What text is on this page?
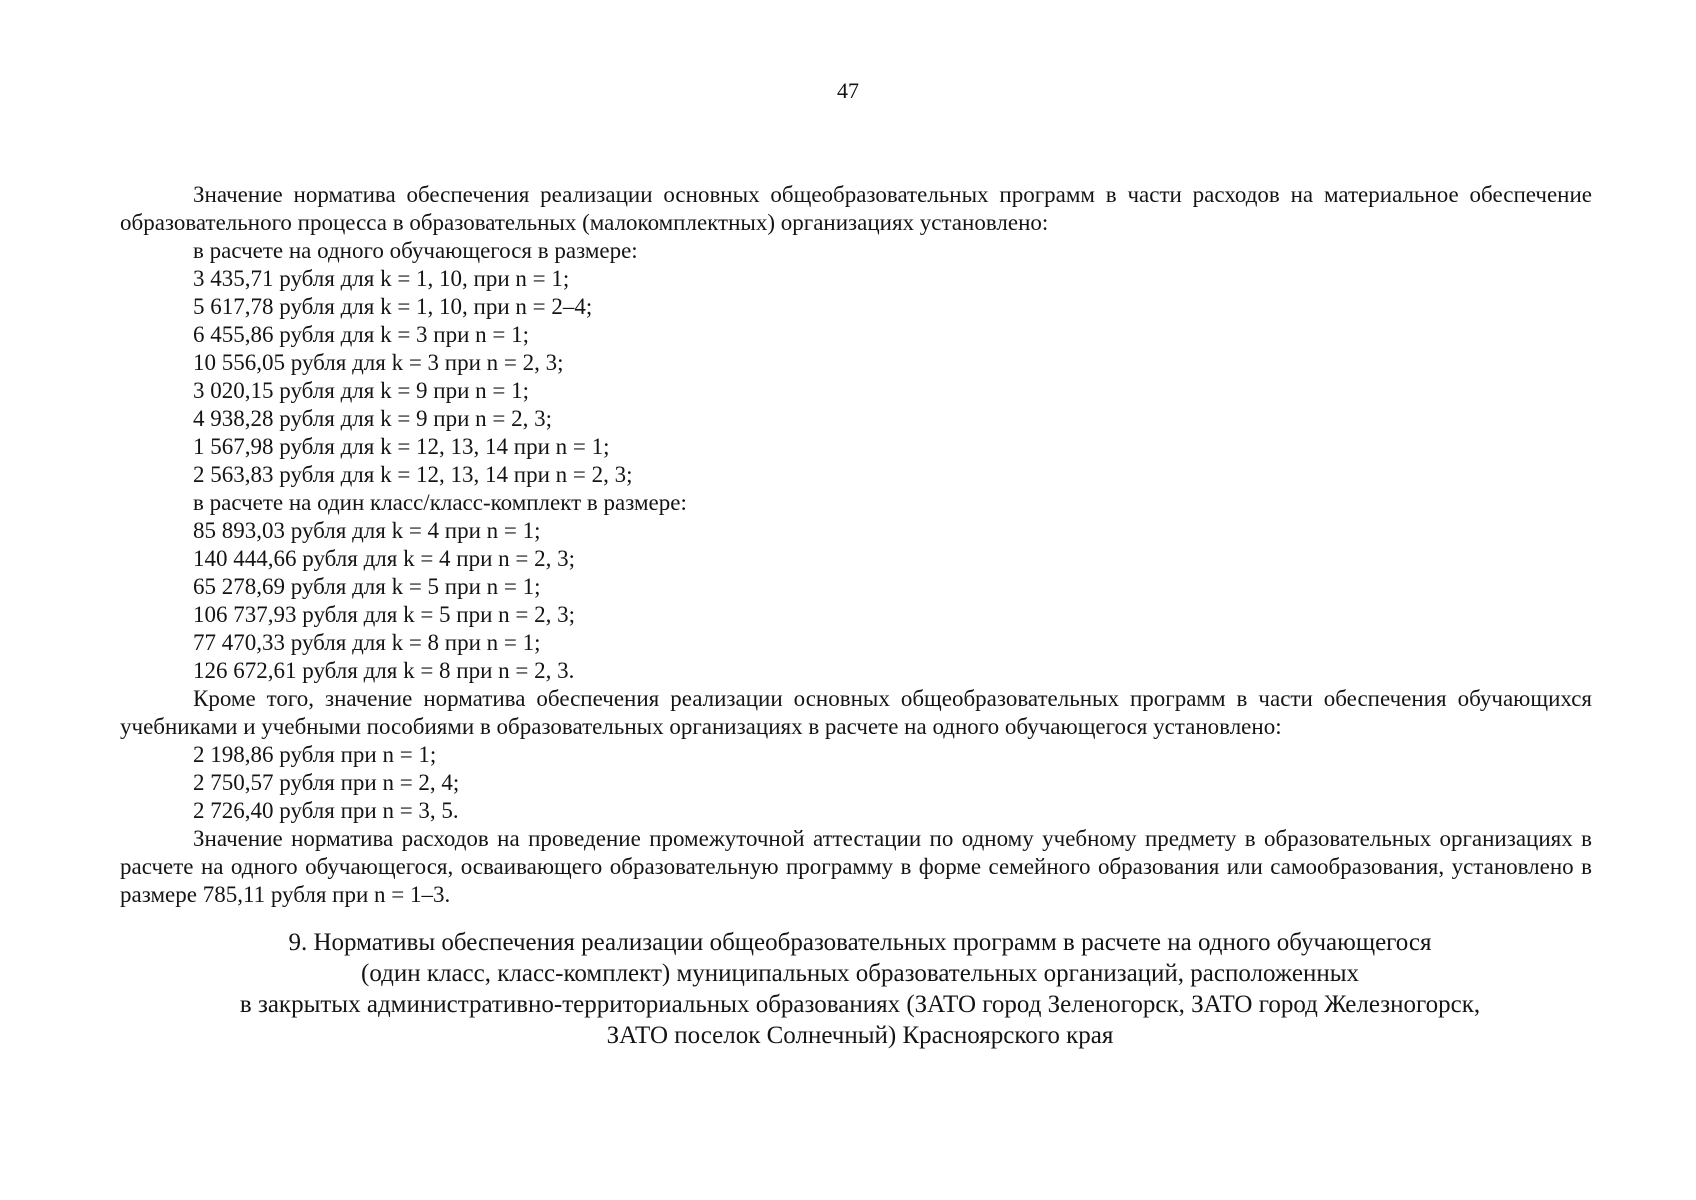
47

Значение норматива обеспечения реализации основных общеобразовательных программ в части расходов на материальное обеспечение образовательного процесса в образовательных (малокомплектных) организациях установлено:

в расчете на одного обучающегося в размере:
3 435,71 рубля для k = 1, 10, при n = 1;
5 617,78 рубля для k = 1, 10, при n = 2–4;
6 455,86 рубля для k = 3 при n = 1;
10 556,05 рубля для k = 3 при n = 2, 3;
3 020,15 рубля для k = 9 при n = 1;
4 938,28 рубля для k = 9 при n = 2, 3;
1 567,98 рубля для k = 12, 13, 14 при n = 1;
2 563,83 рубля для k = 12, 13, 14 при n = 2, 3;
в расчете на один класс/класс-комплект в размере:
85 893,03 рубля для k = 4 при n = 1;
140 444,66 рубля для k = 4 при n = 2, 3;
65 278,69 рубля для k = 5 при n = 1;
106 737,93 рубля для k = 5 при n = 2, 3;
77 470,33 рубля для k = 8 при n = 1;
126 672,61 рубля для k = 8 при n = 2, 3.

Кроме того, значение норматива обеспечения реализации основных общеобразовательных программ в части обеспечения обучающихся учебниками и учебными пособиями в образовательных организациях в расчете на одного обучающегося установлено:

2 198,86 рубля при n = 1;
2 750,57 рубля при n = 2, 4;
2 726,40 рубля при n = 3, 5.

Значение норматива расходов на проведение промежуточной аттестации по одному учебному предмету в образовательных организациях в расчете на одного обучающегося, осваивающего образовательную программу в форме семейного образования или самообразования, установлено в размере 785,11 рубля при n = 1–3.

9. Нормативы обеспечения реализации общеобразовательных программ в расчете на одного обучающегося
(один класс, класс-комплект) муниципальных образовательных организаций, расположенных
в закрытых административно-территориальных образованиях (ЗАТО город Зеленогорск, ЗАТО город Железногорск,
ЗАТО поселок Солнечный) Красноярского края
